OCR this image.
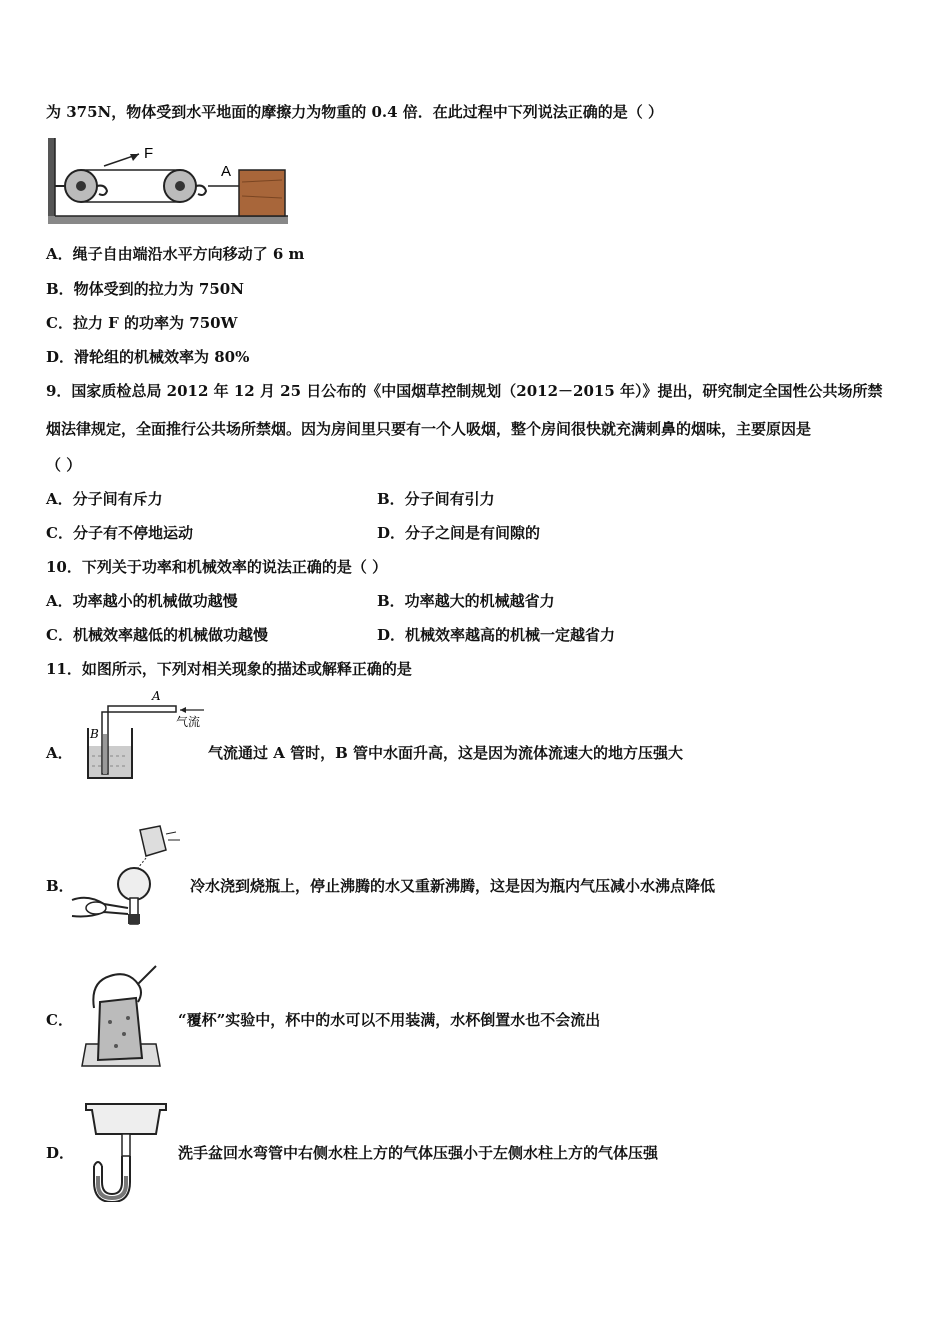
为 375N，物体受到水平地面的摩擦力为物重的 0.4 倍．在此过程中下列说法正确的是（ ）
F
A
A．绳子自由端沿水平方向移动了 6 m
B．物体受到的拉力为 750N
C．拉力 F 的功率为 750W
D．滑轮组的机械效率为 80%
9．国家质检总局 2012 年 12 月 25 日公布的《中国烟草控制规划（2012－2015 年）》提出，研究制定全国性公共场所禁
烟法律规定，全面推行公共场所禁烟。因为房间里只要有一个人吸烟，整个房间很快就充满刺鼻的烟味，主要原因是
（ ）
A．分子间有斥力	B．分子间有引力
C．分子有不停地运动	D．分子之间是有间隙的
10．下列关于功率和机械效率的说法正确的是（ ）
A．功率越小的机械做功越慢	B．功率越大的机械越省力
C．机械效率越低的机械做功越慢	D．机械效率越高的机械一定越省力
11．如图所示，下列对相关现象的描述或解释正确的是
A．
A
B
气流
气流通过 A 管时，B 管中水面升高，这是因为流体流速大的地方压强大
B．	冷水浇到烧瓶上，停止沸腾的水又重新沸腾，这是因为瓶内气压减小水沸点降低
C．	“覆杯”实验中，杯中的水可以不用装满，水杯倒置水也不会流出
D．	洗手盆回水弯管中右侧水柱上方的气体压强小于左侧水柱上方的气体压强
